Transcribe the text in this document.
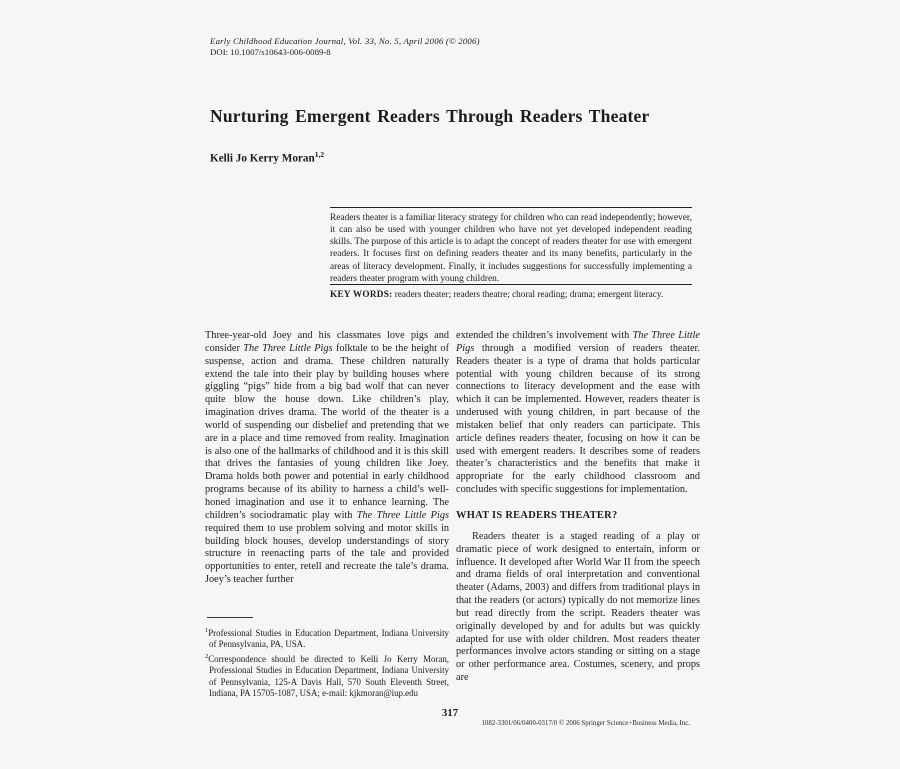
Early Childhood Education Journal, Vol. 33, No. 5, April 2006 (© 2006)
DOI: 10.1007/s10643-006-0089-8
Nurturing Emergent Readers Through Readers Theater
Kelli Jo Kerry Moran$^{1,2}$
Readers theater is a familiar literacy strategy for children who can read independently; however, it can also be used with younger children who have not yet developed independent reading skills. The purpose of this article is to adapt the concept of readers theater for use with emergent readers. It focuses first on defining readers theater and its many benefits, particularly in the areas of literacy development. Finally, it includes suggestions for successfully implementing a readers theater program with young children.
KEY WORDS: readers theater; readers theatre; choral reading; drama; emergent literacy.

Three-year-old Joey and his classmates love pigs and consider The Three Little Pigs folktale to be the height of suspense, action and drama. These children naturally extend the tale into their play by building houses where giggling “pigs” hide from a big bad wolf that can never quite blow the house down. Like children’s play, imagination drives drama. The world of the theater is a world of suspending our disbelief and pretending that we are in a place and time removed from reality. Imagination is also one of the hallmarks of childhood and it is this skill that drives the fantasies of young children like Joey. Drama holds both power and potential in early childhood programs because of its ability to harness a child’s well-honed imagination and use it to enhance learning. The children’s sociodramatic play with The Three Little Pigs required them to use problem solving and motor skills in building block houses, develop understandings of story structure in reenacting parts of the tale and provided opportunities to enter, retell and recreate the tale’s drama. Joey’s teacher further

extended the children’s involvement with The Three Little Pigs through a modified version of readers theater. Readers theater is a type of drama that holds particular potential with young children because of its strong connections to literacy development and the ease with which it can be implemented. However, readers theater is underused with young children, in part because of the mistaken belief that only readers can participate. This article defines readers theater, focusing on how it can be used with emergent readers. It describes some of readers theater’s characteristics and the benefits that make it appropriate for the early childhood classroom and concludes with specific suggestions for implementation.

WHAT IS READERS THEATER?

Readers theater is a staged reading of a play or dramatic piece of work designed to entertain, inform or influence. It developed after World War II from the speech and drama fields of oral interpretation and conventional theater (Adams, 2003) and differs from traditional plays in that the readers (or actors) typically do not memorize lines but read directly from the script. Readers theater was originally developed by and for adults but was quickly adapted for use with older children. Most readers theater performances involve actors standing or sitting on a stage or other performance area. Costumes, scenery, and props are

$^1$Professional Studies in Education Department, Indiana University of Pennsylvania, PA, USA.
$^2$Correspondence should be directed to Kelli Jo Kerry Moran, Professional Studies in Education Department, Indiana University of Pennsylvania, 125-A Davis Hall, 570 South Eleventh Street, Indiana, PA 15705-1087, USA; e-mail: kjkmoran@iup.edu
317
1082-3301/06/0400-0317/0 © 2006 Springer Science+Business Media, Inc.
